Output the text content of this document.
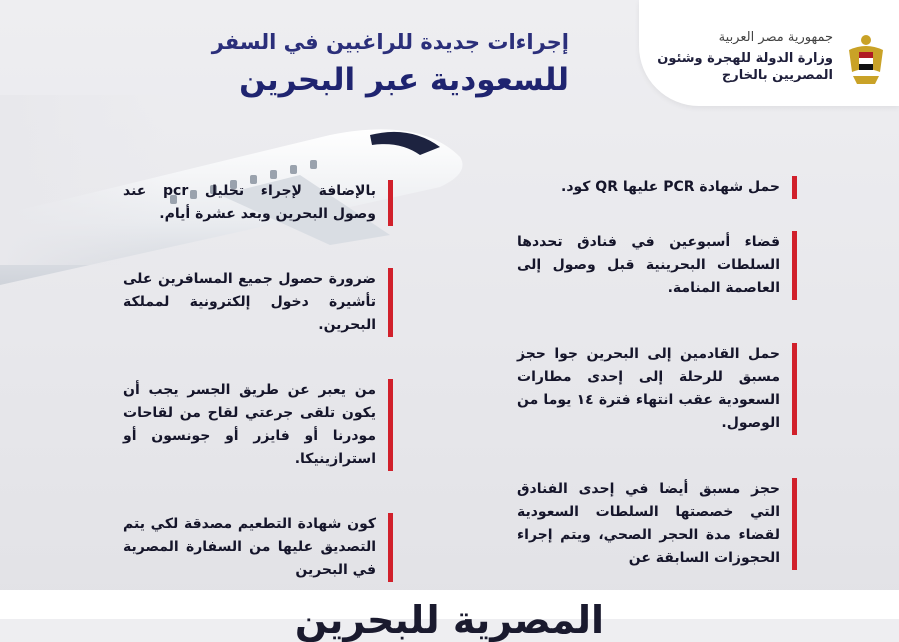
جمهورية مصر العربية
وزارة الدولة للهجرة وشئون المصريين بالخارج
إجراءات جديدة للراغبين في السفر
للسعودية عبر البحرين
حمل شهادة PCR عليها QR كود.
قضاء أسبوعين في فنادق تحددها السلطات البحرينية قبل وصول إلى العاصمة المنامة.
حمل القادمين إلى البحرين جوا حجز مسبق للرحلة إلى إحدى مطارات السعودية عقب انتهاء فترة ١٤ يوما من الوصول.
حجز مسبق أيضا في إحدى الفنادق التي خصصتها السلطات السعودية لقضاء مدة الحجر الصحي، ويتم إجراء الحجوزات السابقة عن
بالإضافة لإجراء تحليل pcr عند وصول البحرين وبعد عشرة أيام.
ضرورة حصول جميع المسافرين على تأشيرة دخول إلكترونية لمملكة البحرين.
من يعبر عن طريق الجسر يجب أن يكون تلقى جرعتي لقاح من لقاحات مودرنا أو فايزر أو جونسون أو استرازينيكا.
كون شهادة التطعيم مصدقة لكي يتم التصديق عليها من السفارة المصرية في البحرين
المصرية للبحرين
